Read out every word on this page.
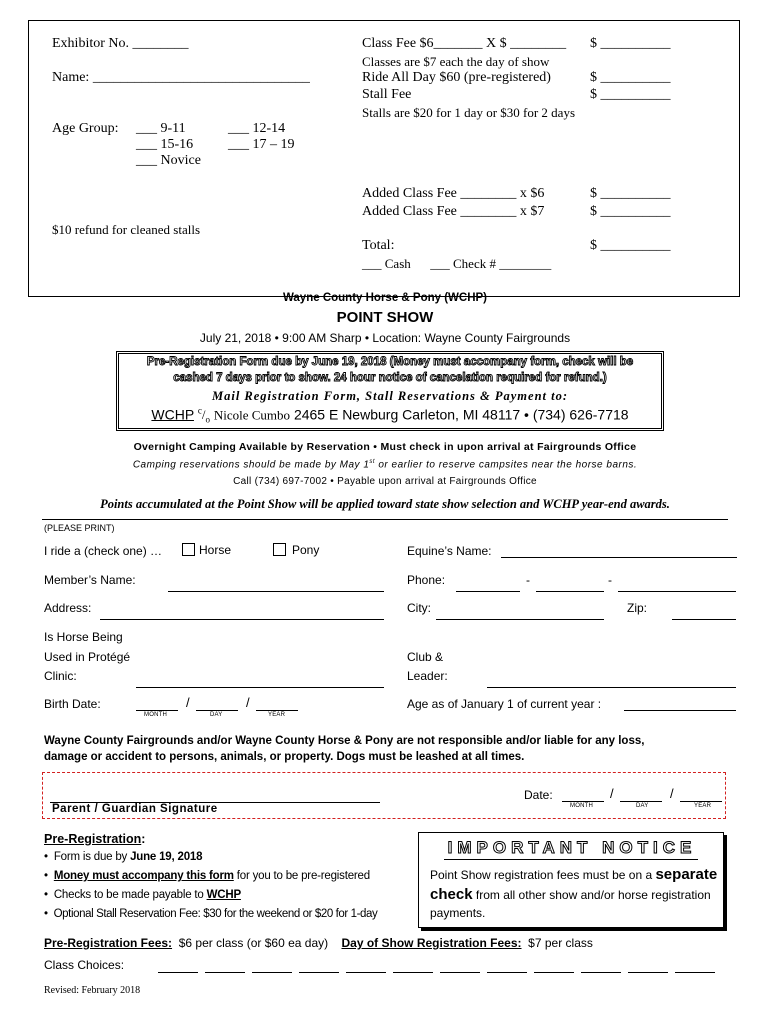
Exhibitor No. ________
Name: _______________________________
Age Group: ___ 9-11	___ 12-14
___ 15-16 ___ 17 – 19
___ Novice
$10 refund for cleaned stalls
Class Fee $6_______ X $ ________ $ __________
Classes are $7 each the day of show
Ride All Day $60 (pre-registered)	$ __________
Stall Fee	$ __________
Stalls are $20 for 1 day or $30 for 2 days
Added Class Fee ________ x $6	$ __________
Added Class Fee ________ x $7	$ __________
Total:	$ __________
___ Cash      ___ Check # ________
Wayne County Horse & Pony (WCHP)
POINT SHOW
July 21, 2018 • 9:00 AM Sharp • Location: Wayne County Fairgrounds
Pre-Registration Form due by June 19, 2018 (Money must accompany form, check will be
cashed 7 days prior to show. 24 hour notice of cancelation required for refund.)
Mail Registration Form, Stall Reservations & Payment to:
WCHP $^c/_o$ Nicole Cumbo 2465 E Newburg Carleton, MI 48117 • (734) 626-7718
Overnight Camping Available by Reservation • Must check in upon arrival at Fairgrounds Office
Camping reservations should be made by May 1st or earlier to reserve campsites near the horse barns.
Call (734) 697-7002 • Payable upon arrival at Fairgrounds Office
Points accumulated at the Point Show will be applied toward state show selection and WCHP year-end awards.
(PLEASE PRINT)
I ride a (check one) …	Horse	Pony	Equine’s Name:
Member’s Name:	Phone:	-	-
Address:	City:	Zip:
Is Horse Being
Used in Protégé
Clinic:
Club &
Leader:
Birth Date:	/	/
MONTH	DAY	YEAR
Age as of January 1 of current year :
Wayne County Fairgrounds and/or Wayne County Horse & Pony are not responsible and/or liable for any loss,
damage or accident to persons, animals, or property. Dogs must be leashed at all times.
Parent / Guardian Signature
Date:	/	/
MONTH	DAY	YEAR
Pre-Registration:
• Form is due by June 19, 2018
• Money must accompany this form for you to be pre-registered
• Checks to be made payable to WCHP
• Optional Stall Reservation Fee: $30 for the weekend or $20 for 1-day
IMPORTANT NOTICE
Point Show registration fees must be on a separate
check from all other show and/or horse registration
payments.
Pre-Registration Fees:  $6 per class (or $60 ea day) Day of Show Registration Fees:  $7 per class
Class Choices:
Revised: February 2018
